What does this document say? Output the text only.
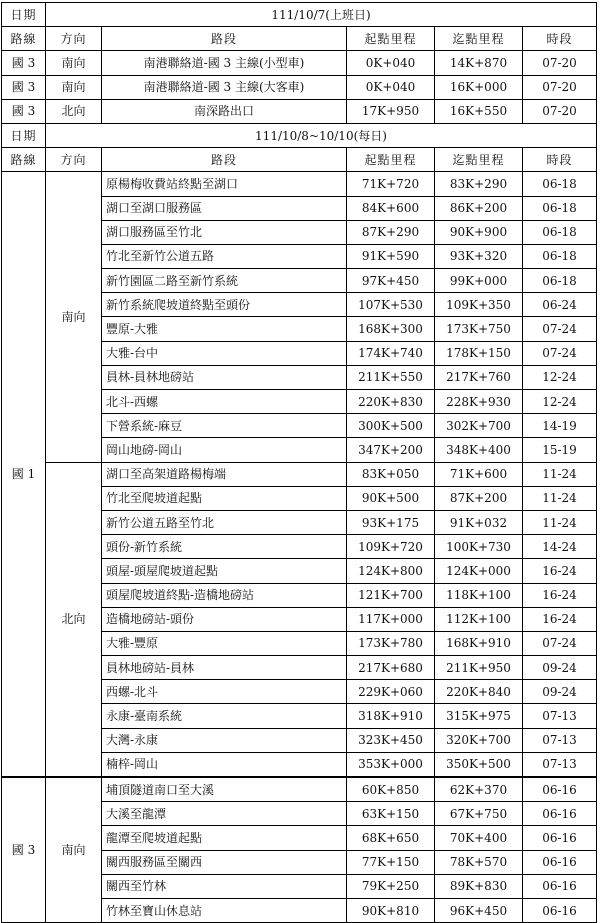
日期	111/10/7(上班日)				
路線	方向	路段	起點里程	迄點里程	時段
國 3	南向	南港聯絡道-國 3 主線(小型車)	0K+040	14K+870	07-20
國 3	南向	南港聯絡道-國 3 主線(大客車)	0K+040	16K+000	07-20
國 3	北向	南深路出口	17K+950	16K+550	07-20
日期	111/10/8~10/10(每日)				
路線	方向	路段	起點里程	迄點里程	時段
國 1	南向	原楊梅收費站終點至湖口	71K+720	83K+290	06-18
		湖口至湖口服務區	84K+600	86K+200	06-18
		湖口服務區至竹北	87K+290	90K+900	06-18
		竹北至新竹公道五路	91K+590	93K+320	06-18
		新竹園區二路至新竹系統	97K+450	99K+000	06-18
		新竹系統爬坡道終點至頭份	107K+530	109K+350	06-24
		豐原-大雅	168K+300	173K+750	07-24
		大雅-台中	174K+740	178K+150	07-24
		員林-員林地磅站	211K+550	217K+760	12-24
		北斗-西螺	220K+830	228K+930	12-24
		下營系統-麻豆	300K+500	302K+700	14-19
		岡山地磅-岡山	347K+200	348K+400	15-19
	北向	湖口至高架道路楊梅端	83K+050	71K+600	11-24
		竹北至爬坡道起點	90K+500	87K+200	11-24
		新竹公道五路至竹北	93K+175	91K+032	11-24
		頭份-新竹系統	109K+720	100K+730	14-24
		頭屋-頭屋爬坡道起點	124K+800	124K+000	16-24
		頭屋爬坡道終點-造橋地磅站	121K+700	118K+100	16-24
		造橋地磅站-頭份	117K+000	112K+100	16-24
		大雅-豐原	173K+780	168K+910	07-24
		員林地磅站-員林	217K+680	211K+950	09-24
		西螺-北斗	229K+060	220K+840	09-24
		永康-臺南系統	318K+910	315K+975	07-13
		大灣-永康	323K+450	320K+700	07-13
		楠梓-岡山	353K+000	350K+500	07-13
國 3	南向	埔頂隧道南口至大溪	60K+850	62K+370	06-16
		大溪至龍潭	63K+150	67K+750	06-16
		龍潭至爬坡道起點	68K+650	70K+400	06-16
		關西服務區至關西	77K+150	78K+570	06-16
		關西至竹林	79K+250	89K+830	06-16
		竹林至寶山休息站	90K+810	96K+450	06-16
